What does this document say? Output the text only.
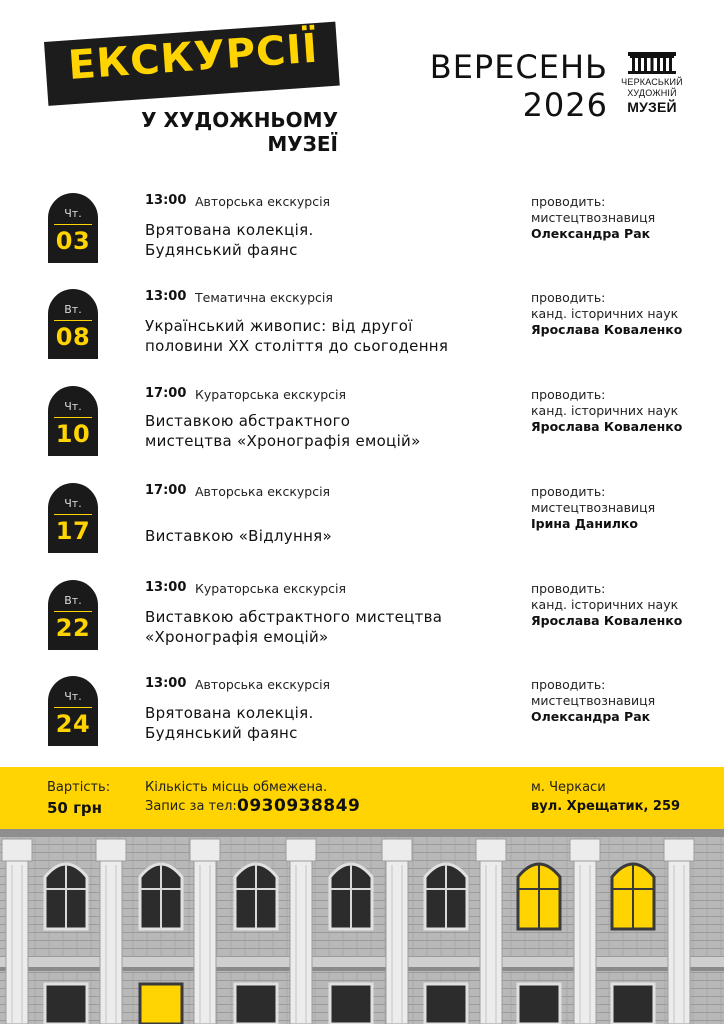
ЕКСКУРСІЇ
У ХУДОЖНЬОМУ
МУЗЕЇ
ВЕРЕСЕНЬ
2026
ЧЕРКАСЬКИЙ
ХУДОЖНІЙ
МУЗЕЙ
Чт.
03
13:00 Авторська екскурсія
Врятована колекція.
Будянський фаянс
проводить:
мистецтвознавиця
Олександра Рак
Вт.
08
13:00 Тематична екскурсія
Український живопис: від другої
половини ХХ століття до сьогодення
проводить:
канд. історичних наук
Ярослава Коваленко
Чт.
10
17:00 Кураторська екскурсія
Виставкою абстрактного
мистецтва «Хронографія емоцій»
проводить:
канд. історичних наук
Ярослава Коваленко
Чт.
17
17:00 Авторська екскурсія
Виставкою «Відлуння»
проводить:
мистецтвознавиця
Ірина Данилко
Вт.
22
13:00 Кураторська екскурсія
Виставкою абстрактного мистецтва
«Хронографія емоцій»
проводить:
канд. історичних наук
Ярослава Коваленко
Чт.
24
13:00 Авторська екскурсія
Врятована колекція.
Будянський фаянс
проводить:
мистецтвознавиця
Олександра Рак
Вартість:
50 грн
Кількість місць обмежена.
Запис за тел: 0930938849
м. Черкаси
вул. Хрещатик, 259
